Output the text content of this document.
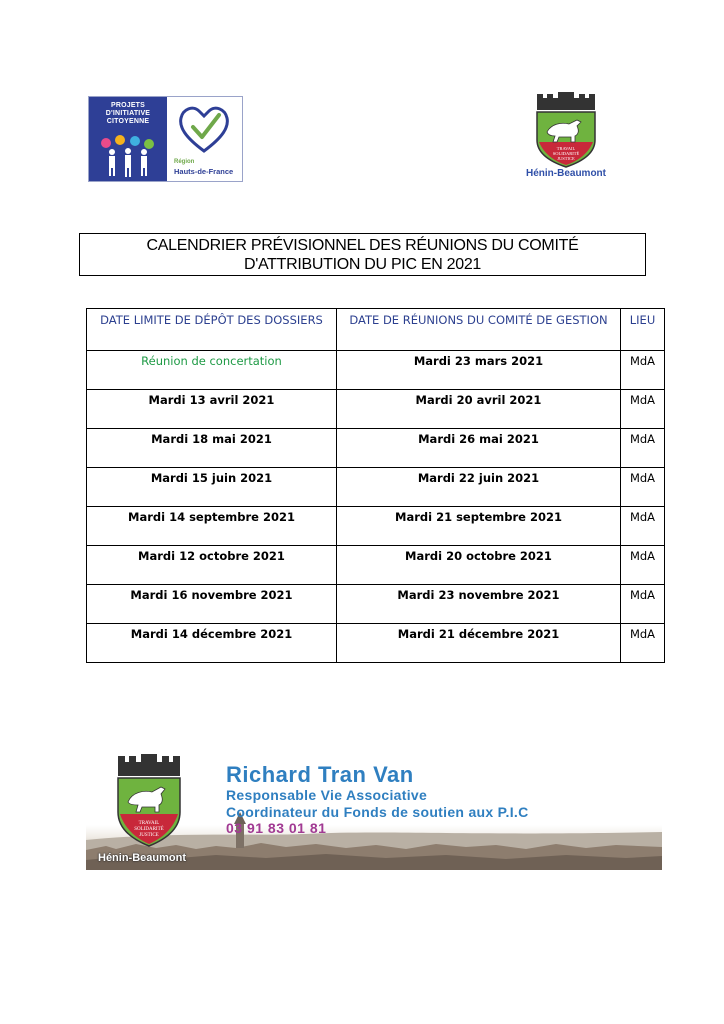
PROJETS
D'INITIATIVE
CITOYENNE
Région
Hauts-de-France
TRAVAIL
SOLIDARITÉ
JUSTICE
Hénin-Beaumont
CALENDRIER PRÉVISIONNEL DES RÉUNIONS DU COMITÉ
D'ATTRIBUTION DU PIC EN 2021
DATE LIMITE DE DÉPÔT DES DOSSIERS	DATE DE RÉUNIONS DU COMITÉ DE GESTION	LIEU
Réunion de concertation	Mardi 23 mars 2021	MdA
Mardi 13 avril 2021	Mardi 20 avril 2021	MdA
Mardi 18 mai 2021	Mardi 26 mai 2021	MdA
Mardi 15 juin 2021	Mardi 22 juin 2021	MdA
Mardi 14 septembre 2021	Mardi 21 septembre 2021	MdA
Mardi 12 octobre 2021	Mardi 20 octobre 2021	MdA
Mardi 16 novembre 2021	Mardi 23 novembre 2021	MdA
Mardi 14 décembre 2021	Mardi 21 décembre 2021	MdA
TRAVAIL
SOLIDARITÉ
JUSTICE
Hénin-Beaumont
Richard Tran Van
Responsable Vie Associative
Coordinateur du Fonds de soutien aux P.I.C
03 91 83 01 81
